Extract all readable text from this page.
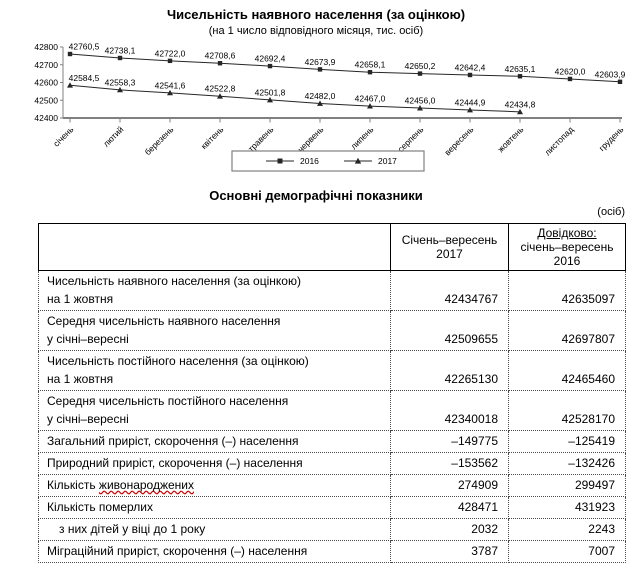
Чисельність наявного населення (за оцінкою)
(на 1 число відповідного місяця, тис. осіб)
42800
42700
42600
42500
42400
січень	лютий березень	квітень травень червень	липень серпень вересень жовтень листопад	грудень
42760,5 42738,1 42722,0 42708,6 42692,4 42673,9 42658,1 42650,2 42642,4 42635,1 42620,0 42603,9
42584,5 42558,3 42541,6 42522,8 42501,8 42482,0 42467,0 42456,0 42444,9 42434,8
2016	2017
Основні демографічні показники
(осіб)

Січень–вересень
2017

Довідково:
січень–вересень
2016

Чисельність наявного населення (за оцінкою)
на 1 жовтня	42434767	42635097

Середня чисельність наявного населення
у січні–вересні	42509655	42697807

Чисельність постійного населення (за оцінкою)
на 1 жовтня	42265130	42465460

Середня чисельність постійного населення
у січні–вересні	42340018	42528170
Загальний приріст, скорочення (–) населення	–149775	–125419
Природний приріст, скорочення (–) населення	–153562	–132426
Кількість живонароджених	274909	299497
Кількість померлих	428471	431923
з них дітей у віці до 1 року	2032	2243
Міграційний приріст, скорочення (–) населення	3787	7007
